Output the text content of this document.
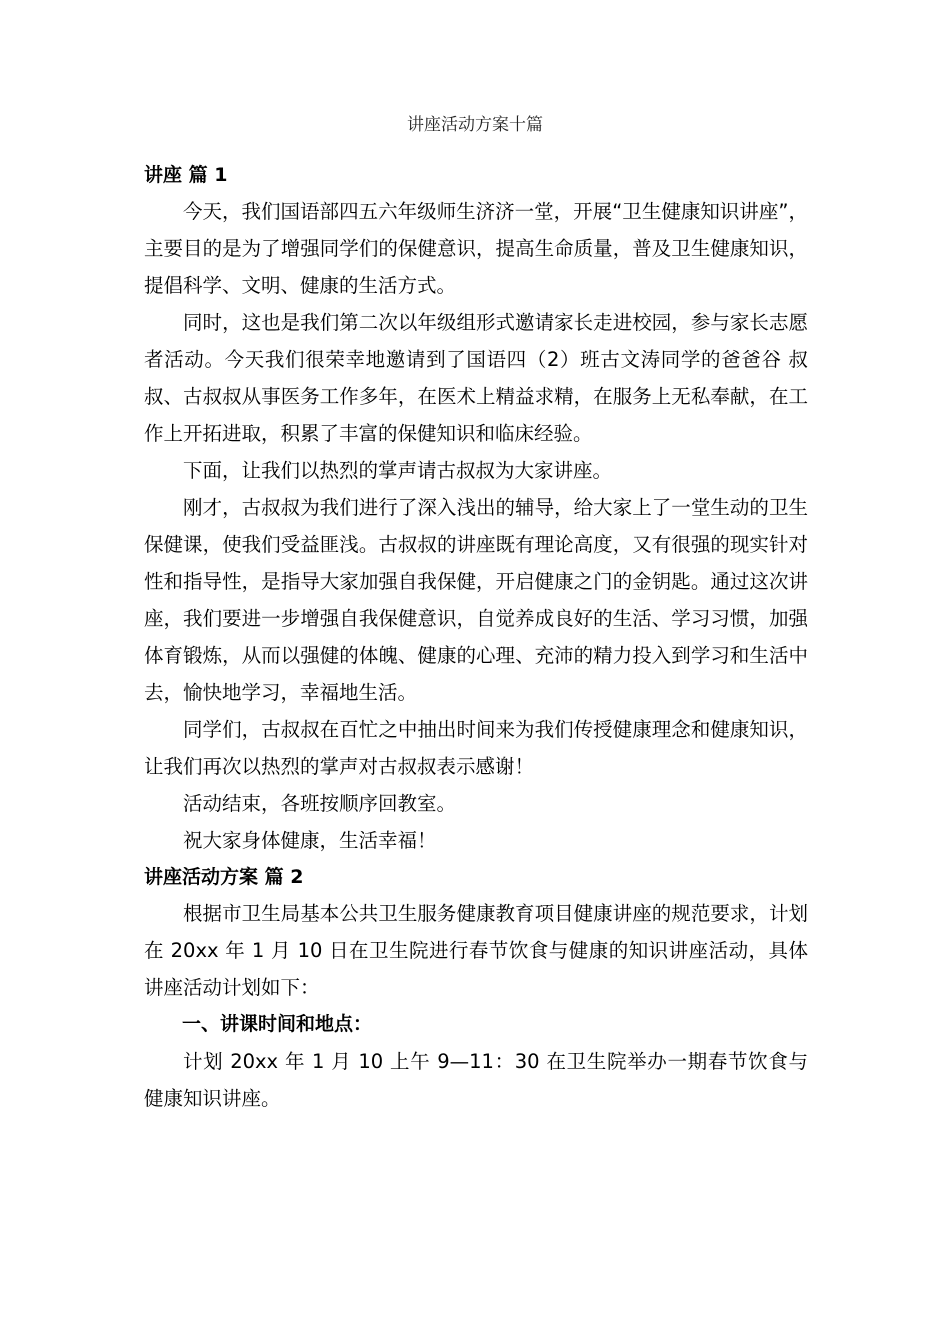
讲座活动方案十篇
讲座 篇 1

今天，我们国语部四五六年级师生济济一堂，开展“卫生健康知识讲座”，主要目的是为了增强同学们的保健意识，提高生命质量，普及卫生健康知识，提倡科学、文明、健康的生活方式。

同时，这也是我们第二次以年级组形式邀请家长走进校园，参与家长志愿者活动。今天我们很荣幸地邀请到了国语四（2）班古文涛同学的爸爸谷 叔叔、古叔叔从事医务工作多年，在医术上精益求精，在服务上无私奉献，在工作上开拓进取，积累了丰富的保健知识和临床经验。

下面，让我们以热烈的掌声请古叔叔为大家讲座。

刚才，古叔叔为我们进行了深入浅出的辅导，给大家上了一堂生动的卫生保健课，使我们受益匪浅。古叔叔的讲座既有理论高度，又有很强的现实针对性和指导性，是指导大家加强自我保健，开启健康之门的金钥匙。通过这次讲座，我们要进一步增强自我保健意识，自觉养成良好的生活、学习习惯，加强体育锻炼，从而以强健的体魄、健康的心理、充沛的精力投入到学习和生活中去，愉快地学习，幸福地生活。

同学们，古叔叔在百忙之中抽出时间来为我们传授健康理念和健康知识，让我们再次以热烈的掌声对古叔叔表示感谢！

活动结束，各班按顺序回教室。

祝大家身体健康，生活幸福！

讲座活动方案 篇 2

根据市卫生局基本公共卫生服务健康教育项目健康讲座的规范要求，计划在 20xx 年 1 月 10 日在卫生院进行春节饮食与健康的知识讲座活动，具体讲座活动计划如下：

一、讲课时间和地点：

计划 20xx 年 1 月 10 上午 9—11：30 在卫生院举办一期春节饮食与健康知识讲座。
